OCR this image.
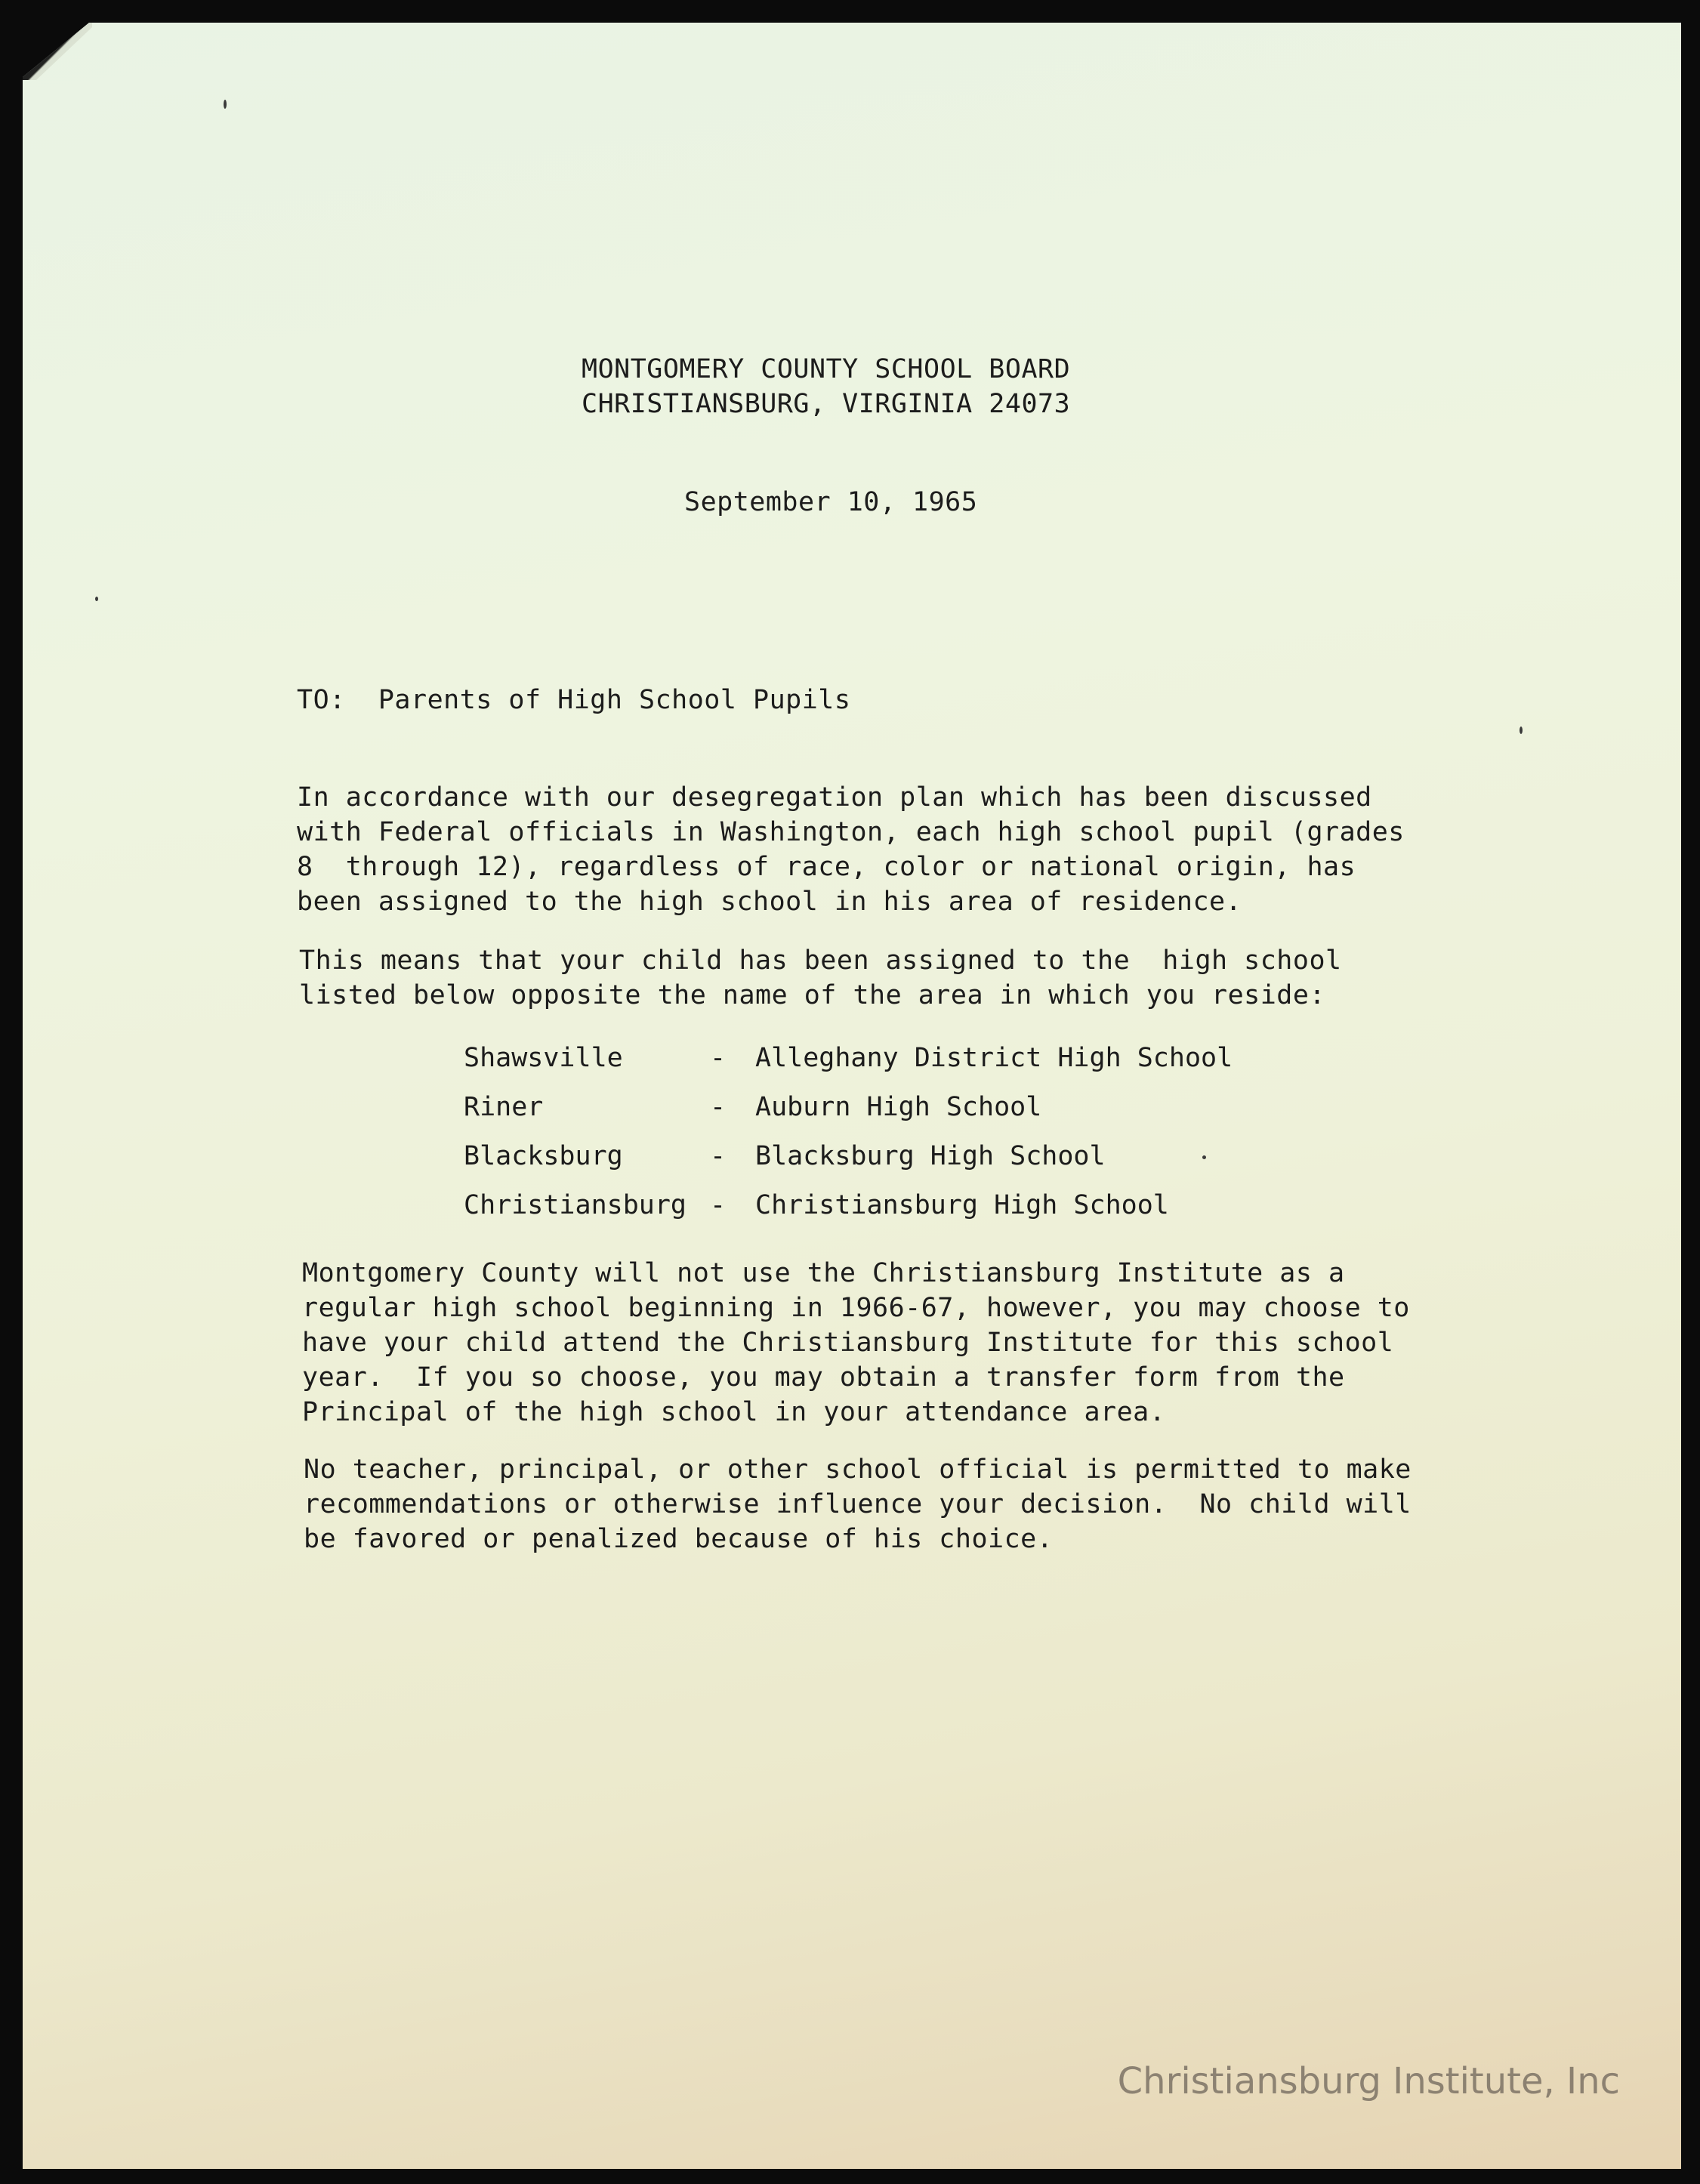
MONTGOMERY COUNTY SCHOOL BOARD
CHRISTIANSBURG, VIRGINIA 24073
September 10, 1965
TO:  Parents of High School Pupils
In accordance with our desegregation plan which has been discussed
with Federal officials in Washington, each high school pupil (grades
8  through 12), regardless of race, color or national origin, has
been assigned to the high school in his area of residence.
This means that your child has been assigned to the  high school
listed below opposite the name of the area in which you reside:
Shawsville	-	Alleghany District High School
Riner	-	Auburn High School
Blacksburg	-	Blacksburg High School
Christiansburg -	Christiansburg High School
Montgomery County will not use the Christiansburg Institute as a
regular high school beginning in 1966-67, however, you may choose to
have your child attend the Christiansburg Institute for this school
year.  If you so choose, you may obtain a transfer form from the
Principal of the high school in your attendance area.
No teacher, principal, or other school official is permitted to make
recommendations or otherwise influence your decision.  No child will
be favored or penalized because of his choice.
Christiansburg Institute, Inc
